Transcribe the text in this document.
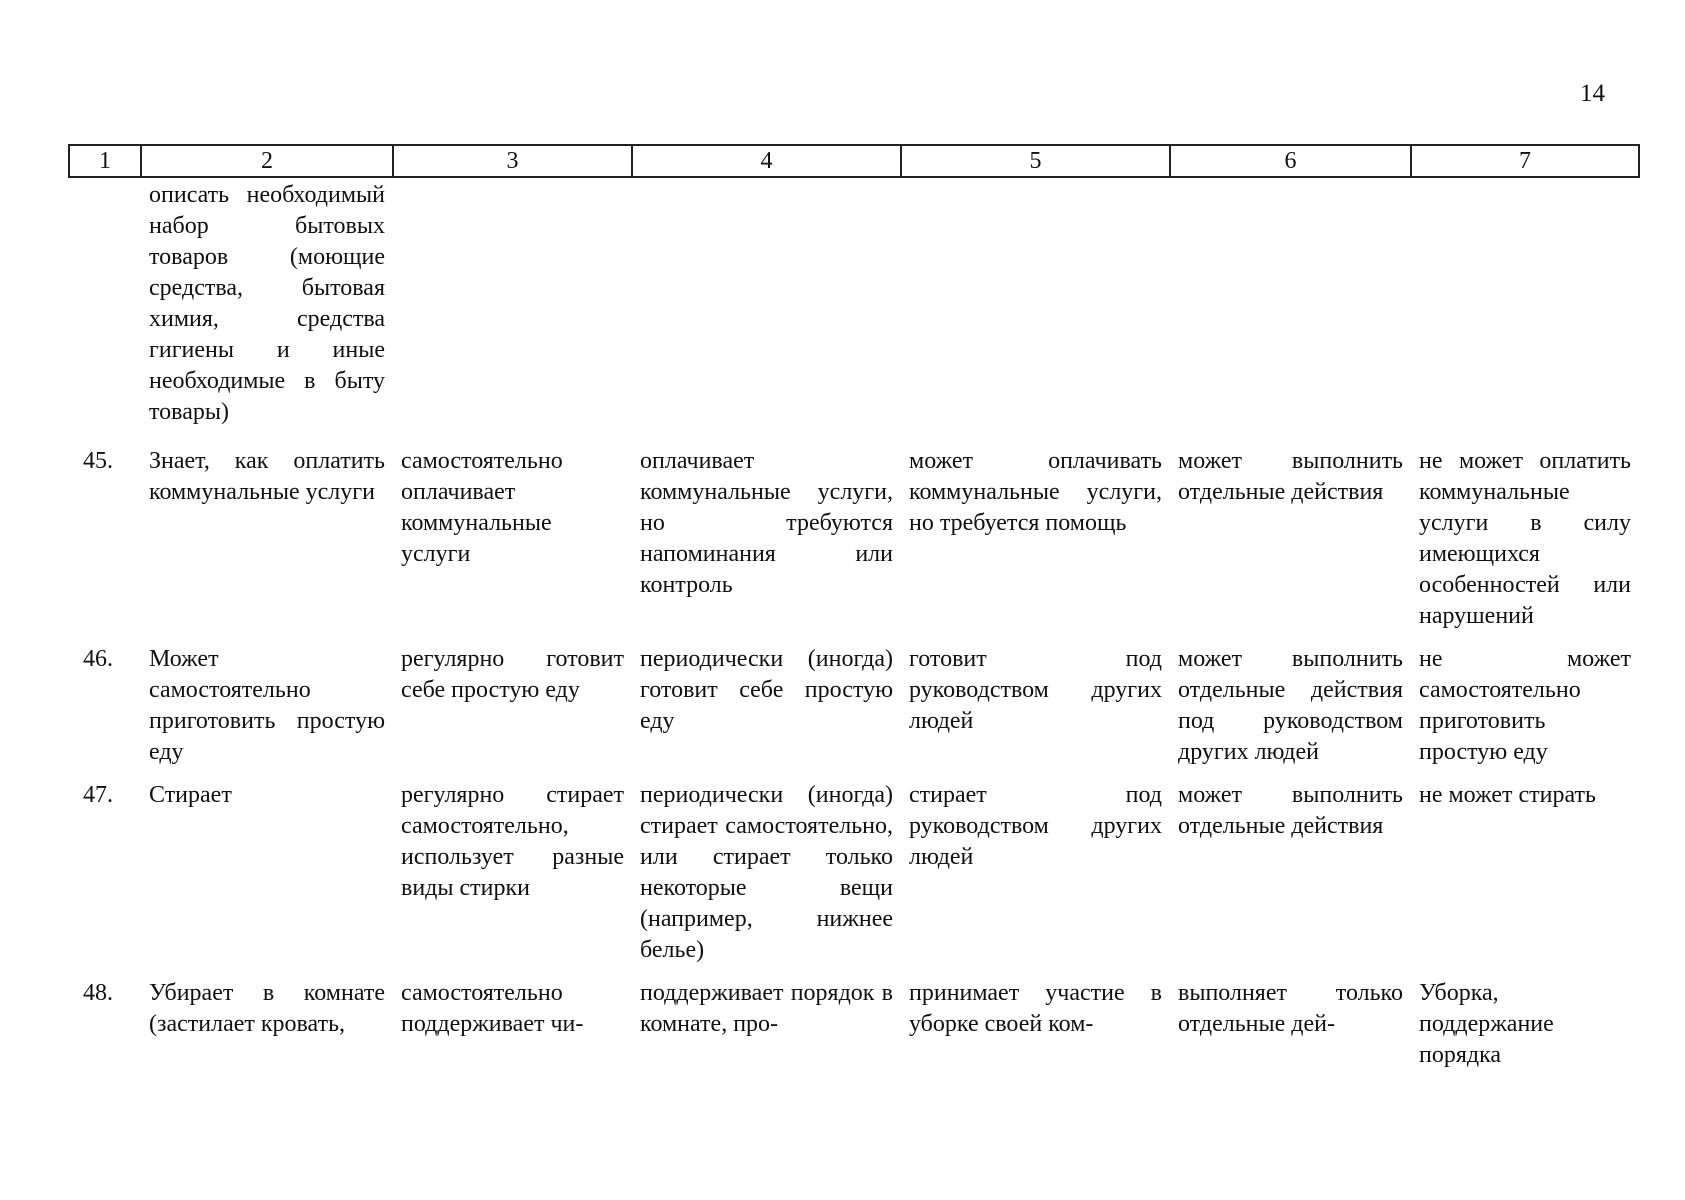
14
1	2	3	4	5	6	7
	описать необходимый набор бытовых товаров (моющие средства, бытовая химия, средства гигиены и иные необходимые в быту товары)					
45.	Знает, как оплатить коммунальные услуги	самостоятельно оплачивает коммунальные услуги	оплачивает коммунальные услуги, но требуются напоминания или контроль	может оплачивать коммунальные услуги, но требуется помощь	может выполнить отдельные действия	не может оплатить коммунальные услуги в силу имеющихся особенностей или нарушений
46.	Может самостоятельно приготовить простую еду	регулярно готовит себе простую еду	периодически (иногда) готовит себе простую еду	готовит под руководством других людей	может выполнить отдельные действия под руководством других людей	не может самостоятельно приготовить простую еду
47.	Стирает	регулярно стирает самостоятельно, использует разные виды стирки	периодически (иногда) стирает самостоятельно, или стирает только некоторые вещи (например, нижнее белье)	стирает под руководством других людей	может выполнить отдельные действия	не может стирать
48.	Убирает в комнате (застилает кровать,	самостоятельно поддерживает чи-	поддерживает порядок в комнате, про-	принимает участие в уборке своей ком-	выполняет только отдельные дей-	Уборка, поддержание порядка
